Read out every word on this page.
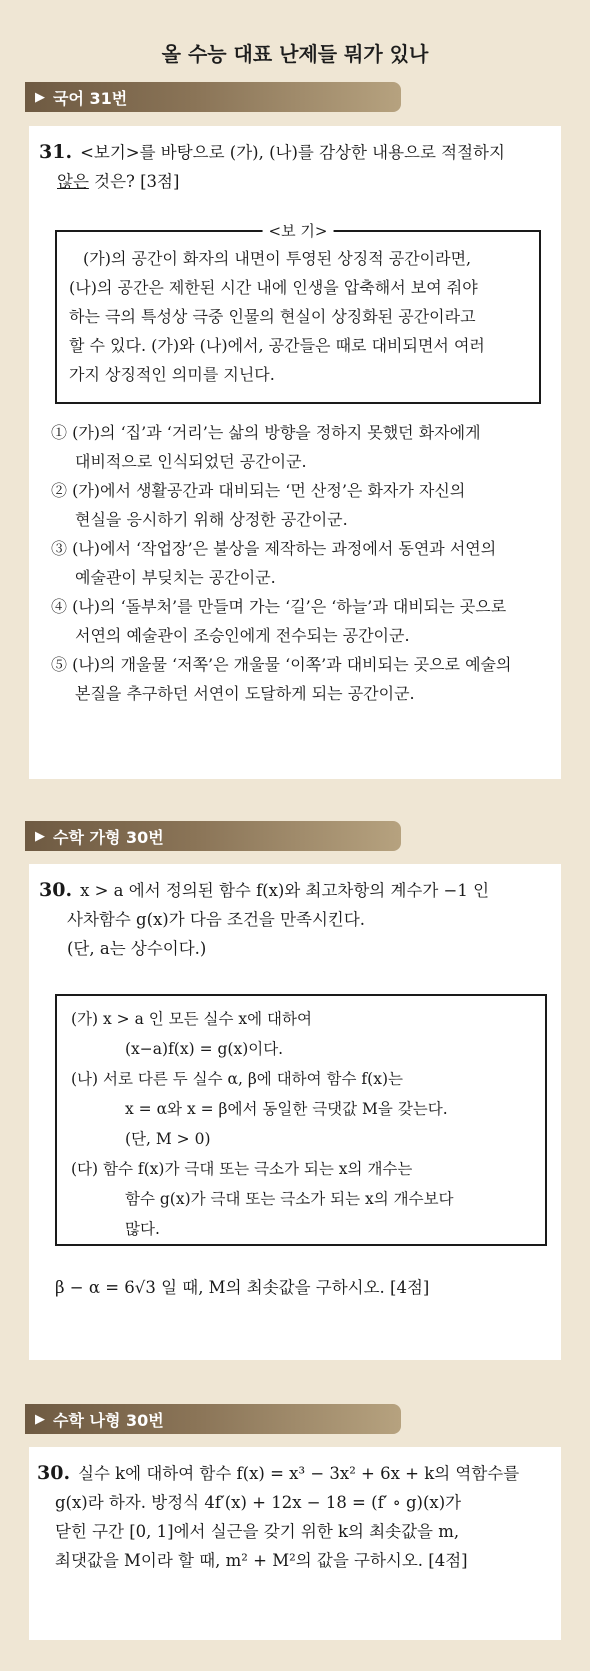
올 수능 대표 난제들 뭐가 있나
▶ 국어 31번
31. <보기>를 바탕으로 (가), (나)를 감상한 내용으로 적절하지
않은 것은? [3점]
<보 기>
(가)의 공간이 화자의 내면이 투영된 상징적 공간이라면,
(나)의 공간은 제한된 시간 내에 인생을 압축해서 보여 줘야
하는 극의 특성상 극중 인물의 현실이 상징화된 공간이라고
할 수 있다. (가)와 (나)에서, 공간들은 때로 대비되면서 여러
가지 상징적인 의미를 지닌다.
① (가)의 ‘집’과 ‘거리’는 삶의 방향을 정하지 못했던 화자에게
대비적으로 인식되었던 공간이군.
② (가)에서 생활공간과 대비되는 ‘먼 산정’은 화자가 자신의
현실을 응시하기 위해 상정한 공간이군.
③ (나)에서 ‘작업장’은 불상을 제작하는 과정에서 동연과 서연의
예술관이 부딪치는 공간이군.
④ (나)의 ‘돌부처’를 만들며 가는 ‘길’은 ‘하늘’과 대비되는 곳으로
서연의 예술관이 조승인에게 전수되는 공간이군.
⑤ (나)의 개울물 ‘저쪽’은 개울물 ‘이쪽’과 대비되는 곳으로 예술의
본질을 추구하던 서연이 도달하게 되는 공간이군.
▶ 수학 가형 30번
30. x > a 에서 정의된 함수 f(x)와 최고차항의 계수가 −1 인
사차함수 g(x)가 다음 조건을 만족시킨다.
(단, a는 상수이다.)
(가) x > a 인 모든 실수 x에 대하여
(x−a)f(x) = g(x)이다.
(나) 서로 다른 두 실수 α, β에 대하여 함수 f(x)는
x = α와 x = β에서 동일한 극댓값 M을 갖는다.
(단, M > 0)
(다) 함수 f(x)가 극대 또는 극소가 되는 x의 개수는
함수 g(x)가 극대 또는 극소가 되는 x의 개수보다
많다.
β − α = 6√3 일 때, M의 최솟값을 구하시오. [4점]
▶ 수학 나형 30번
30. 실수 k에 대하여 함수 f(x) = x³ − 3x² + 6x + k의 역함수를
g(x)라 하자. 방정식 4f′(x) + 12x − 18 = (f′ ∘ g)(x)가
닫힌 구간 [0, 1]에서 실근을 갖기 위한 k의 최솟값을 m,
최댓값을 M이라 할 때, m² + M²의 값을 구하시오. [4점]
